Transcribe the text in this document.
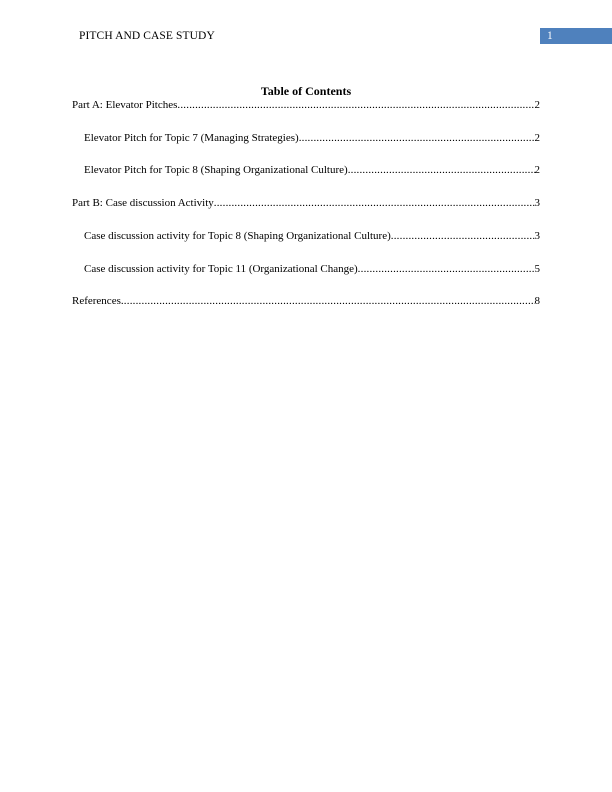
PITCH AND CASE STUDY	1
Table of Contents
Part A: Elevator Pitches .....	2
Elevator Pitch for Topic 7 (Managing Strategies) .....	2
Elevator Pitch for Topic 8 (Shaping Organizational Culture) .....	2
Part B: Case discussion Activity .....	3
Case discussion activity for Topic 8 (Shaping Organizational Culture) .....	3
Case discussion activity for Topic 11 (Organizational Change) .....	5
References .....	8
